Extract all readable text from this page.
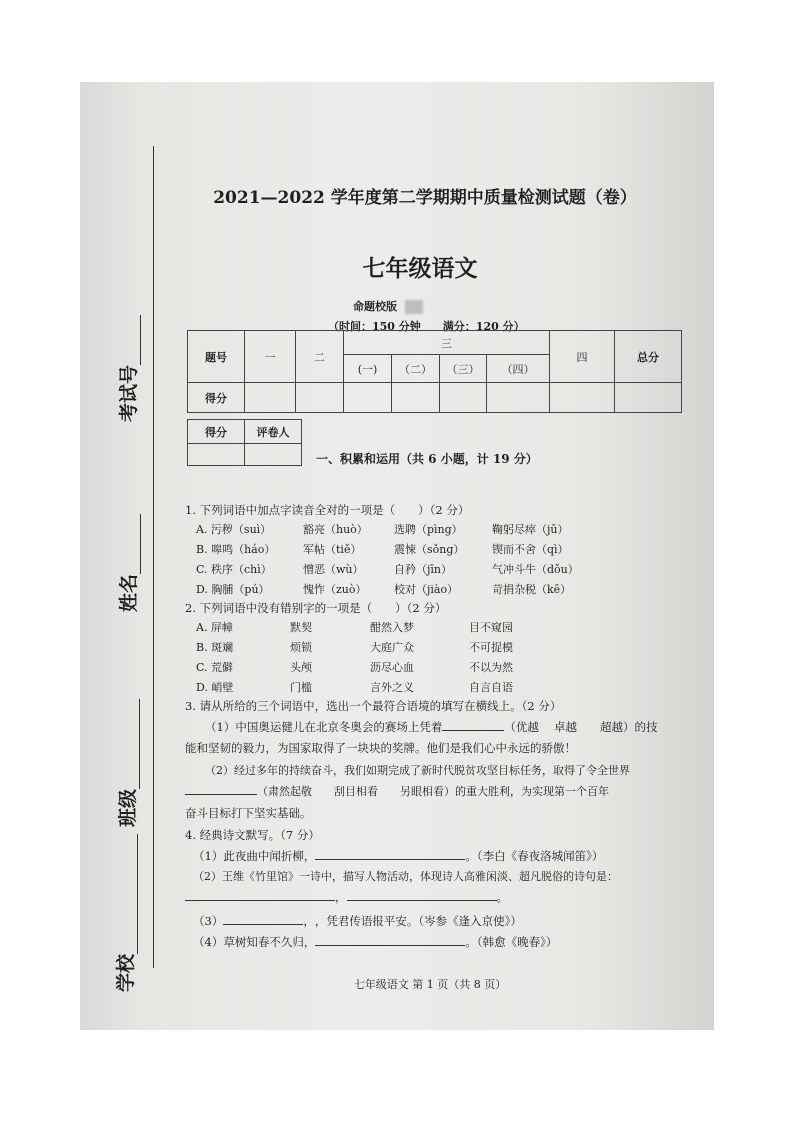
考试号
姓名
班级
学校
2021—2022 学年度第二学期期中质量检测试题（卷）
七年级语文
命题校版
（时间：150 分钟　　满分：120 分）
题号	一	二	三				四	总分
			(一)	（二）	（三）	（四）		
得分								
得分	评卷人

一、积累和运用（共 6 小题，计 19 分）
1. 下列词语中加点字读音全对的一项是（　　）（2 分）
A. 污秽（suì）	豁亮（huò） 选聘（pìng）	鞠躬尽瘁（jū）
B. 嗥鸣（háo）	军帖（tiě）	震悚（sǒng）	锲而不舍（qì）
C. 秩序（chì）	憎恶（wù）	自矜（jīn）	气冲斗牛（dǒu）
D. 胸脯（pú）	愧怍（zuò） 校对（jiào）	苛捐杂税（kē）
2. 下列词语中没有错别字的一项是（　　）（2 分）
A. 屏幛	默契	酣然入梦	目不窥园
B. 斑斓	烦锁	大庭广众	不可捉模
C. 荒僻	头颅	沥尽心血	不以为然
D. 峭壁	门槛	言外之义	自言自语
3. 请从所给的三个词语中，选出一个最符合语境的填写在横线上。（2 分）
（1）中国奥运健儿在北京冬奥会的赛场上凭着	（优越　 卓越　　超越）的技
能和坚韧的毅力，为国家取得了一块块的奖牌。他们是我们心中永远的骄傲！
（2）经过多年的持续奋斗，我们如期完成了新时代脱贫攻坚目标任务，取得了令全世界
（肃然起敬　　刮目相看　　另眼相看）的重大胜利，为实现第一个百年
奋斗目标打下坚实基础。
4. 经典诗文默写。（7 分）
（1）此夜曲中闻折柳，	。（李白《春夜洛城闻笛》）
（2）王维《竹里馆》一诗中，描写人物活动，体现诗人高雅闲淡、超凡脱俗的诗句是：
，	。
（3）	，，凭君传语报平安。（岑参《逢入京使》）
（4）草树知春不久归，	。（韩愈《晚春》）
七年级语文 第 1 页（共 8 页）
